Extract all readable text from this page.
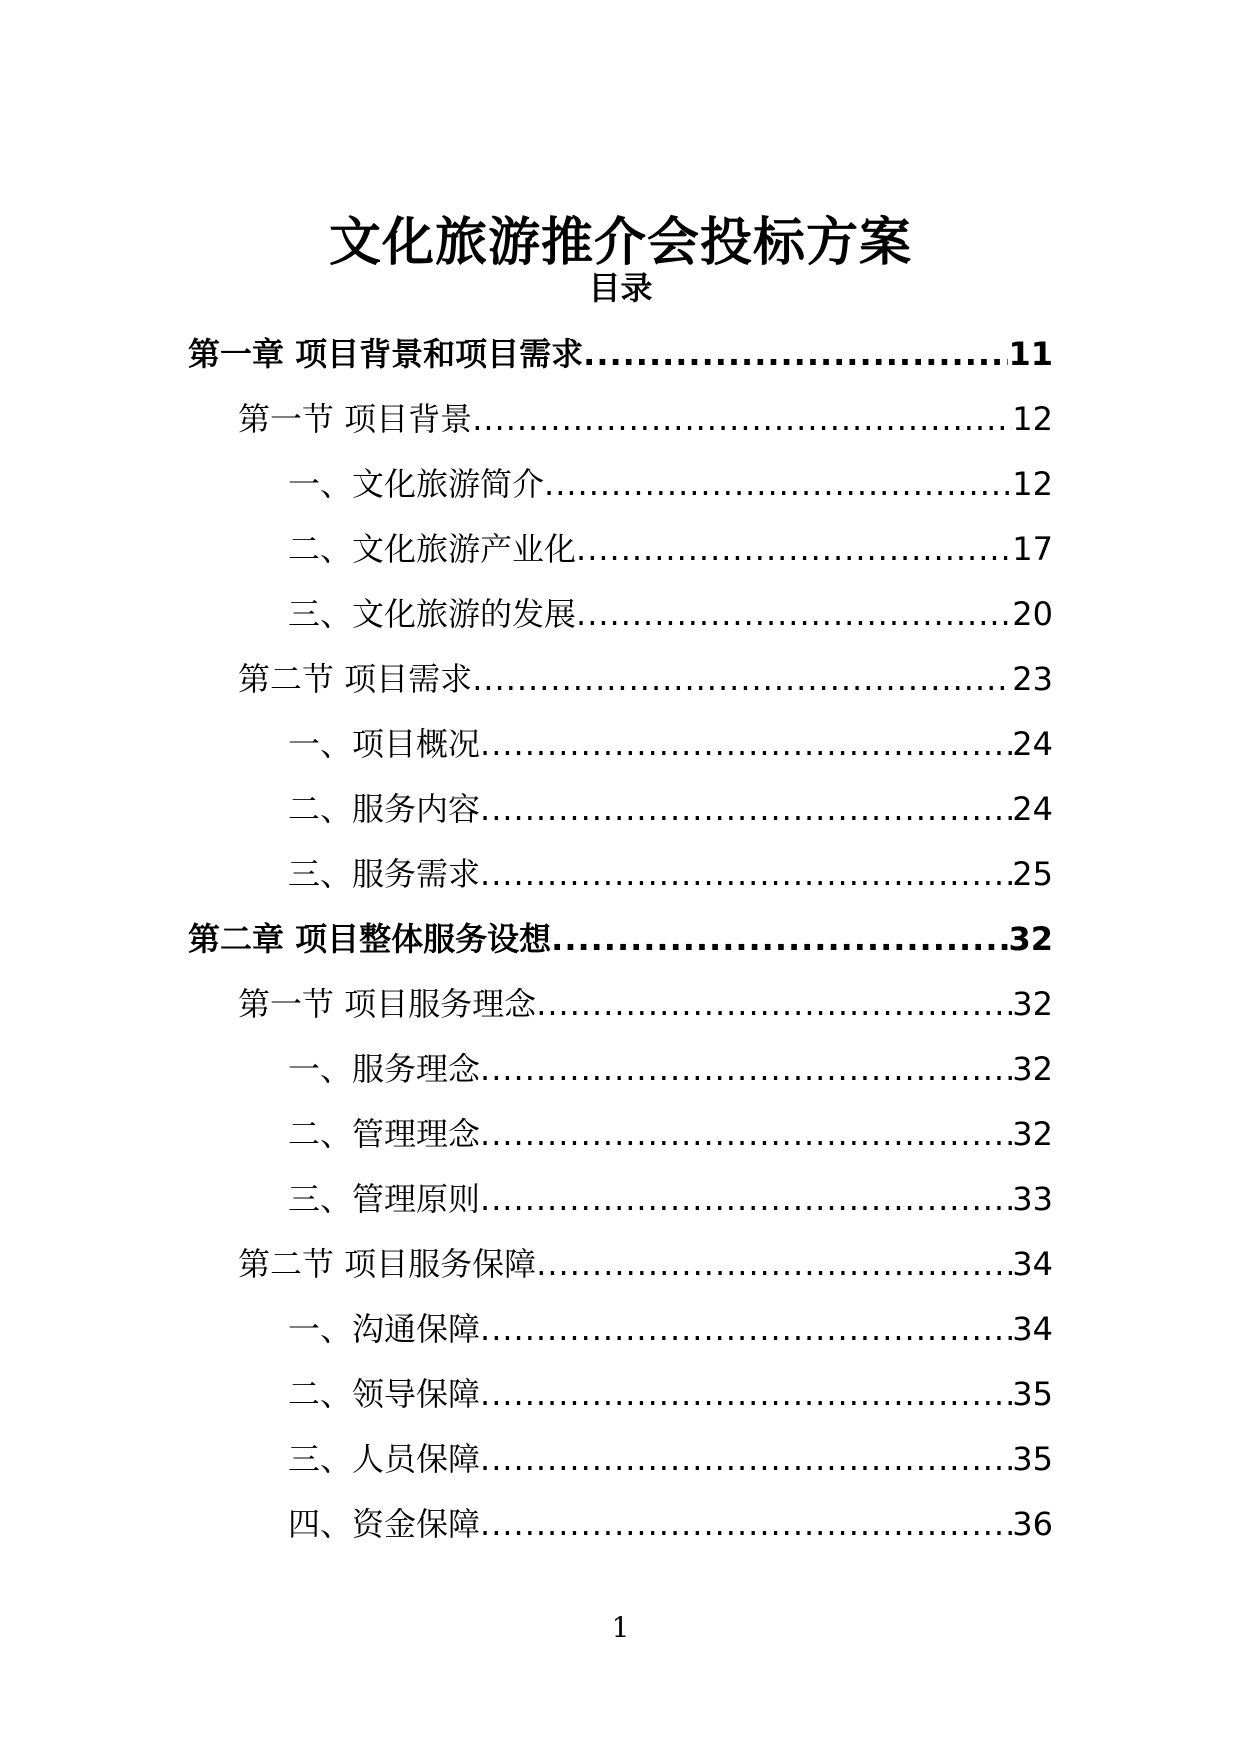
文化旅游推介会投标方案
目录
第一章 项目背景和项目需求 .....	11
第一节 项目背景 .....	12
一、文化旅游简介 .....	12
二、文化旅游产业化 .....	17
三、文化旅游的发展 .....	20
第二节 项目需求 .....	23
一、项目概况 .....	24
二、服务内容 .....	24
三、服务需求 .....	25
第二章 项目整体服务设想 .....	32
第一节 项目服务理念 .....	32
一、服务理念 .....	32
二、管理理念 .....	32
三、管理原则 .....	33
第二节 项目服务保障 .....	34
一、沟通保障 .....	34
二、领导保障 .....	35
三、人员保障 .....	35
四、资金保障 .....	36
1
